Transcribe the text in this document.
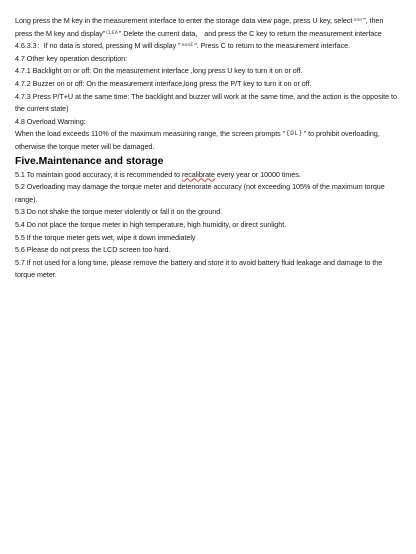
Long press the M key in the measurement interface to enter the storage data view page, press U key, selectnnn”, then
press the M key and display”CLEA” Delete the current data， and press the C key to return the measurement interface
4.6.3.3：If no data is stored, pressing M will display ”nonE”. Press C to return to the measurement interface.
4.7 Other key operation description:
4.7.1 Backlight on or off: On the measurement interface ,long press U key to turn it on or off.
4.7.2 Buzzer on or off: On the measurement interface,long press the P/T key to turn it on or off.
4.7.3 Press P/T+U at the same time: The backlight and buzzer will work at the same time, and the action is the opposite to
the current state)
4.8 Overload Warning:
When the load exceeds 110% of the maximum measuring range, the screen prompts ”{OL}” to prohibit overloading,
otherwise the torque meter will be damaged.
Five.Maintenance and storage
5.1 To maintain good accuracy, it is recommended to recalibrate every year or 10000 times.
5.2 Overloading may damage the torque meter and deteriorate accuracy (not exceeding 105% of the maximum torque
range).
5.3 Do not shake the torque meter violently or fall it on the ground.
5.4 Do not place the torque meter in high temperature, high humidity, or direct sunlight.
5.5 If the torque meter gets wet, wipe it down immediately
5.6 Please do not press the LCD screen too hard.
5.7 If not used for a long time, please remove the battery and store it to avoid battery fluid leakage and damage to the
torque meter.
